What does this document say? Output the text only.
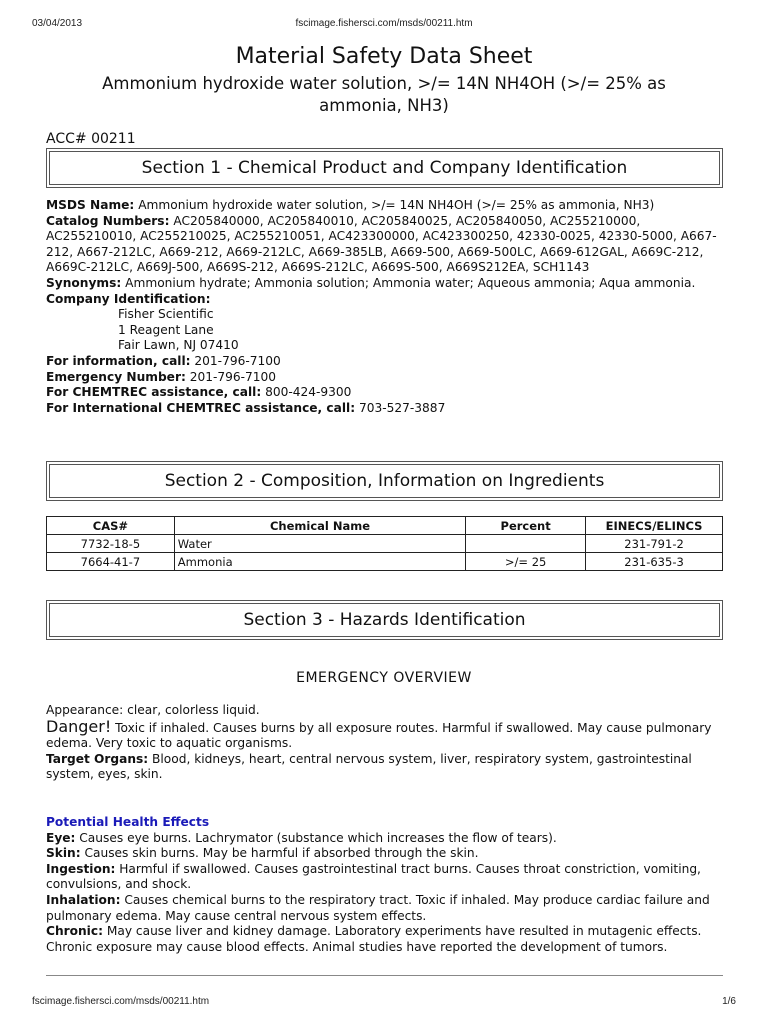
03/04/2013	fscimage.fishersci.com/msds/00211.htm
Material Safety Data Sheet
Ammonium hydroxide water solution, >/= 14N NH4OH (>/= 25% as ammonia, NH3)
ACC# 00211
Section 1 - Chemical Product and Company Identification
MSDS Name: Ammonium hydroxide water solution, >/= 14N NH4OH (>/= 25% as ammonia, NH3)
Catalog Numbers: AC205840000, AC205840010, AC205840025, AC205840050, AC255210000, AC255210010, AC255210025, AC255210051, AC423300000, AC423300250, 42330-0025, 42330-5000, A667-212, A667-212LC, A669-212, A669-212LC, A669-385LB, A669-500, A669-500LC, A669-612GAL, A669C-212, A669C-212LC, A669J-500, A669S-212, A669S-212LC, A669S-500, A669S212EA, SCH1143
Synonyms: Ammonium hydrate; Ammonia solution; Ammonia water; Aqueous ammonia; Aqua ammonia.
Company Identification:
Fisher Scientific
1 Reagent Lane
Fair Lawn, NJ 07410
For information, call: 201-796-7100
Emergency Number: 201-796-7100
For CHEMTREC assistance, call: 800-424-9300
For International CHEMTREC assistance, call: 703-527-3887
Section 2 - Composition, Information on Ingredients
CAS#	Chemical Name	Percent	EINECS/ELINCS
7732-18-5	Water		231-791-2
7664-41-7	Ammonia	>/= 25	231-635-3
Section 3 - Hazards Identification
EMERGENCY OVERVIEW
Appearance: clear, colorless liquid.
Danger! Toxic if inhaled. Causes burns by all exposure routes. Harmful if swallowed. May cause pulmonary edema. Very toxic to aquatic organisms.
Target Organs: Blood, kidneys, heart, central nervous system, liver, respiratory system, gastrointestinal system, eyes, skin.
Potential Health Effects
Eye: Causes eye burns. Lachrymator (substance which increases the flow of tears).
Skin: Causes skin burns. May be harmful if absorbed through the skin.
Ingestion: Harmful if swallowed. Causes gastrointestinal tract burns. Causes throat constriction, vomiting, convulsions, and shock.
Inhalation: Causes chemical burns to the respiratory tract. Toxic if inhaled. May produce cardiac failure and pulmonary edema. May cause central nervous system effects.
Chronic: May cause liver and kidney damage. Laboratory experiments have resulted in mutagenic effects. Chronic exposure may cause blood effects. Animal studies have reported the development of tumors.
fscimage.fishersci.com/msds/00211.htm	1/6
